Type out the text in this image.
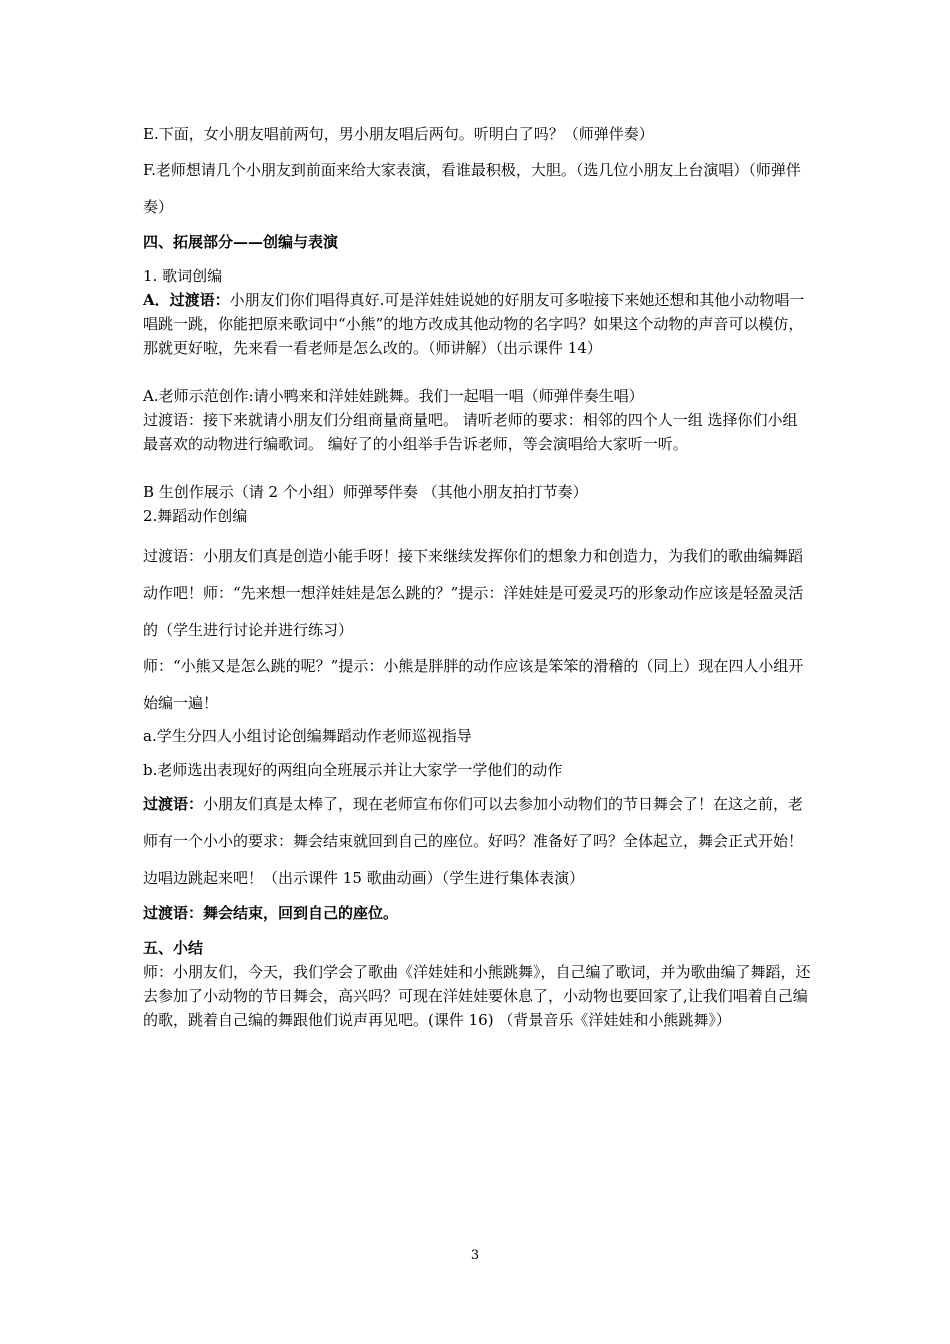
E.下面，女小朋友唱前两句，男小朋友唱后两句。听明白了吗？（师弹伴奏）

F.老师想请几个小朋友到前面来给大家表演，看谁最积极，大胆。（选几位小朋友上台演唱）（师弹伴奏）

四、拓展部分——创编与表演

1. 歌词创编

A．过渡语：小朋友们你们唱得真好.可是洋娃娃说她的好朋友可多啦接下来她还想和其他小动物唱一唱跳一跳，你能把原来歌词中“小熊”的地方改成其他动物的名字吗？如果这个动物的声音可以模仿，那就更好啦，先来看一看老师是怎么改的。（师讲解）（出示课件 14）

A.老师示范创作:请小鸭来和洋娃娃跳舞。我们一起唱一唱（师弹伴奏生唱）

过渡语：接下来就请小朋友们分组商量商量吧。 请听老师的要求：相邻的四个人一组 选择你们小组最喜欢的动物进行编歌词。 编好了的小组举手告诉老师，等会演唱给大家听一听。

B 生创作展示（请 2 个小组）师弹琴伴奏 （其他小朋友拍打节奏）

2.舞蹈动作创编

过渡语：小朋友们真是创造小能手呀！接下来继续发挥你们的想象力和创造力，为我们的歌曲编舞蹈动作吧！师：“先来想一想洋娃娃是怎么跳的？”提示：洋娃娃是可爱灵巧的形象动作应该是轻盈灵活的（学生进行讨论并进行练习）

师：“小熊又是怎么跳的呢？”提示：小熊是胖胖的动作应该是笨笨的滑稽的（同上）现在四人小组开始编一遍！

a.学生分四人小组讨论创编舞蹈动作老师巡视指导

b.老师选出表现好的两组向全班展示并让大家学一学他们的动作

过渡语：小朋友们真是太棒了，现在老师宣布你们可以去参加小动物们的节日舞会了！在这之前，老师有一个小小的要求：舞会结束就回到自己的座位。好吗？准备好了吗？全体起立，舞会正式开始！边唱边跳起来吧！（出示课件 15 歌曲动画）（学生进行集体表演）

过渡语：舞会结束，回到自己的座位。

五、小结

师：小朋友们，今天，我们学会了歌曲《洋娃娃和小熊跳舞》，自己编了歌词，并为歌曲编了舞蹈，还去参加了小动物的节日舞会，高兴吗？可现在洋娃娃要休息了，小动物也要回家了,让我们唱着自己编的歌，跳着自己编的舞跟他们说声再见吧。(课件 16) （背景音乐《洋娃娃和小熊跳舞》）

3
